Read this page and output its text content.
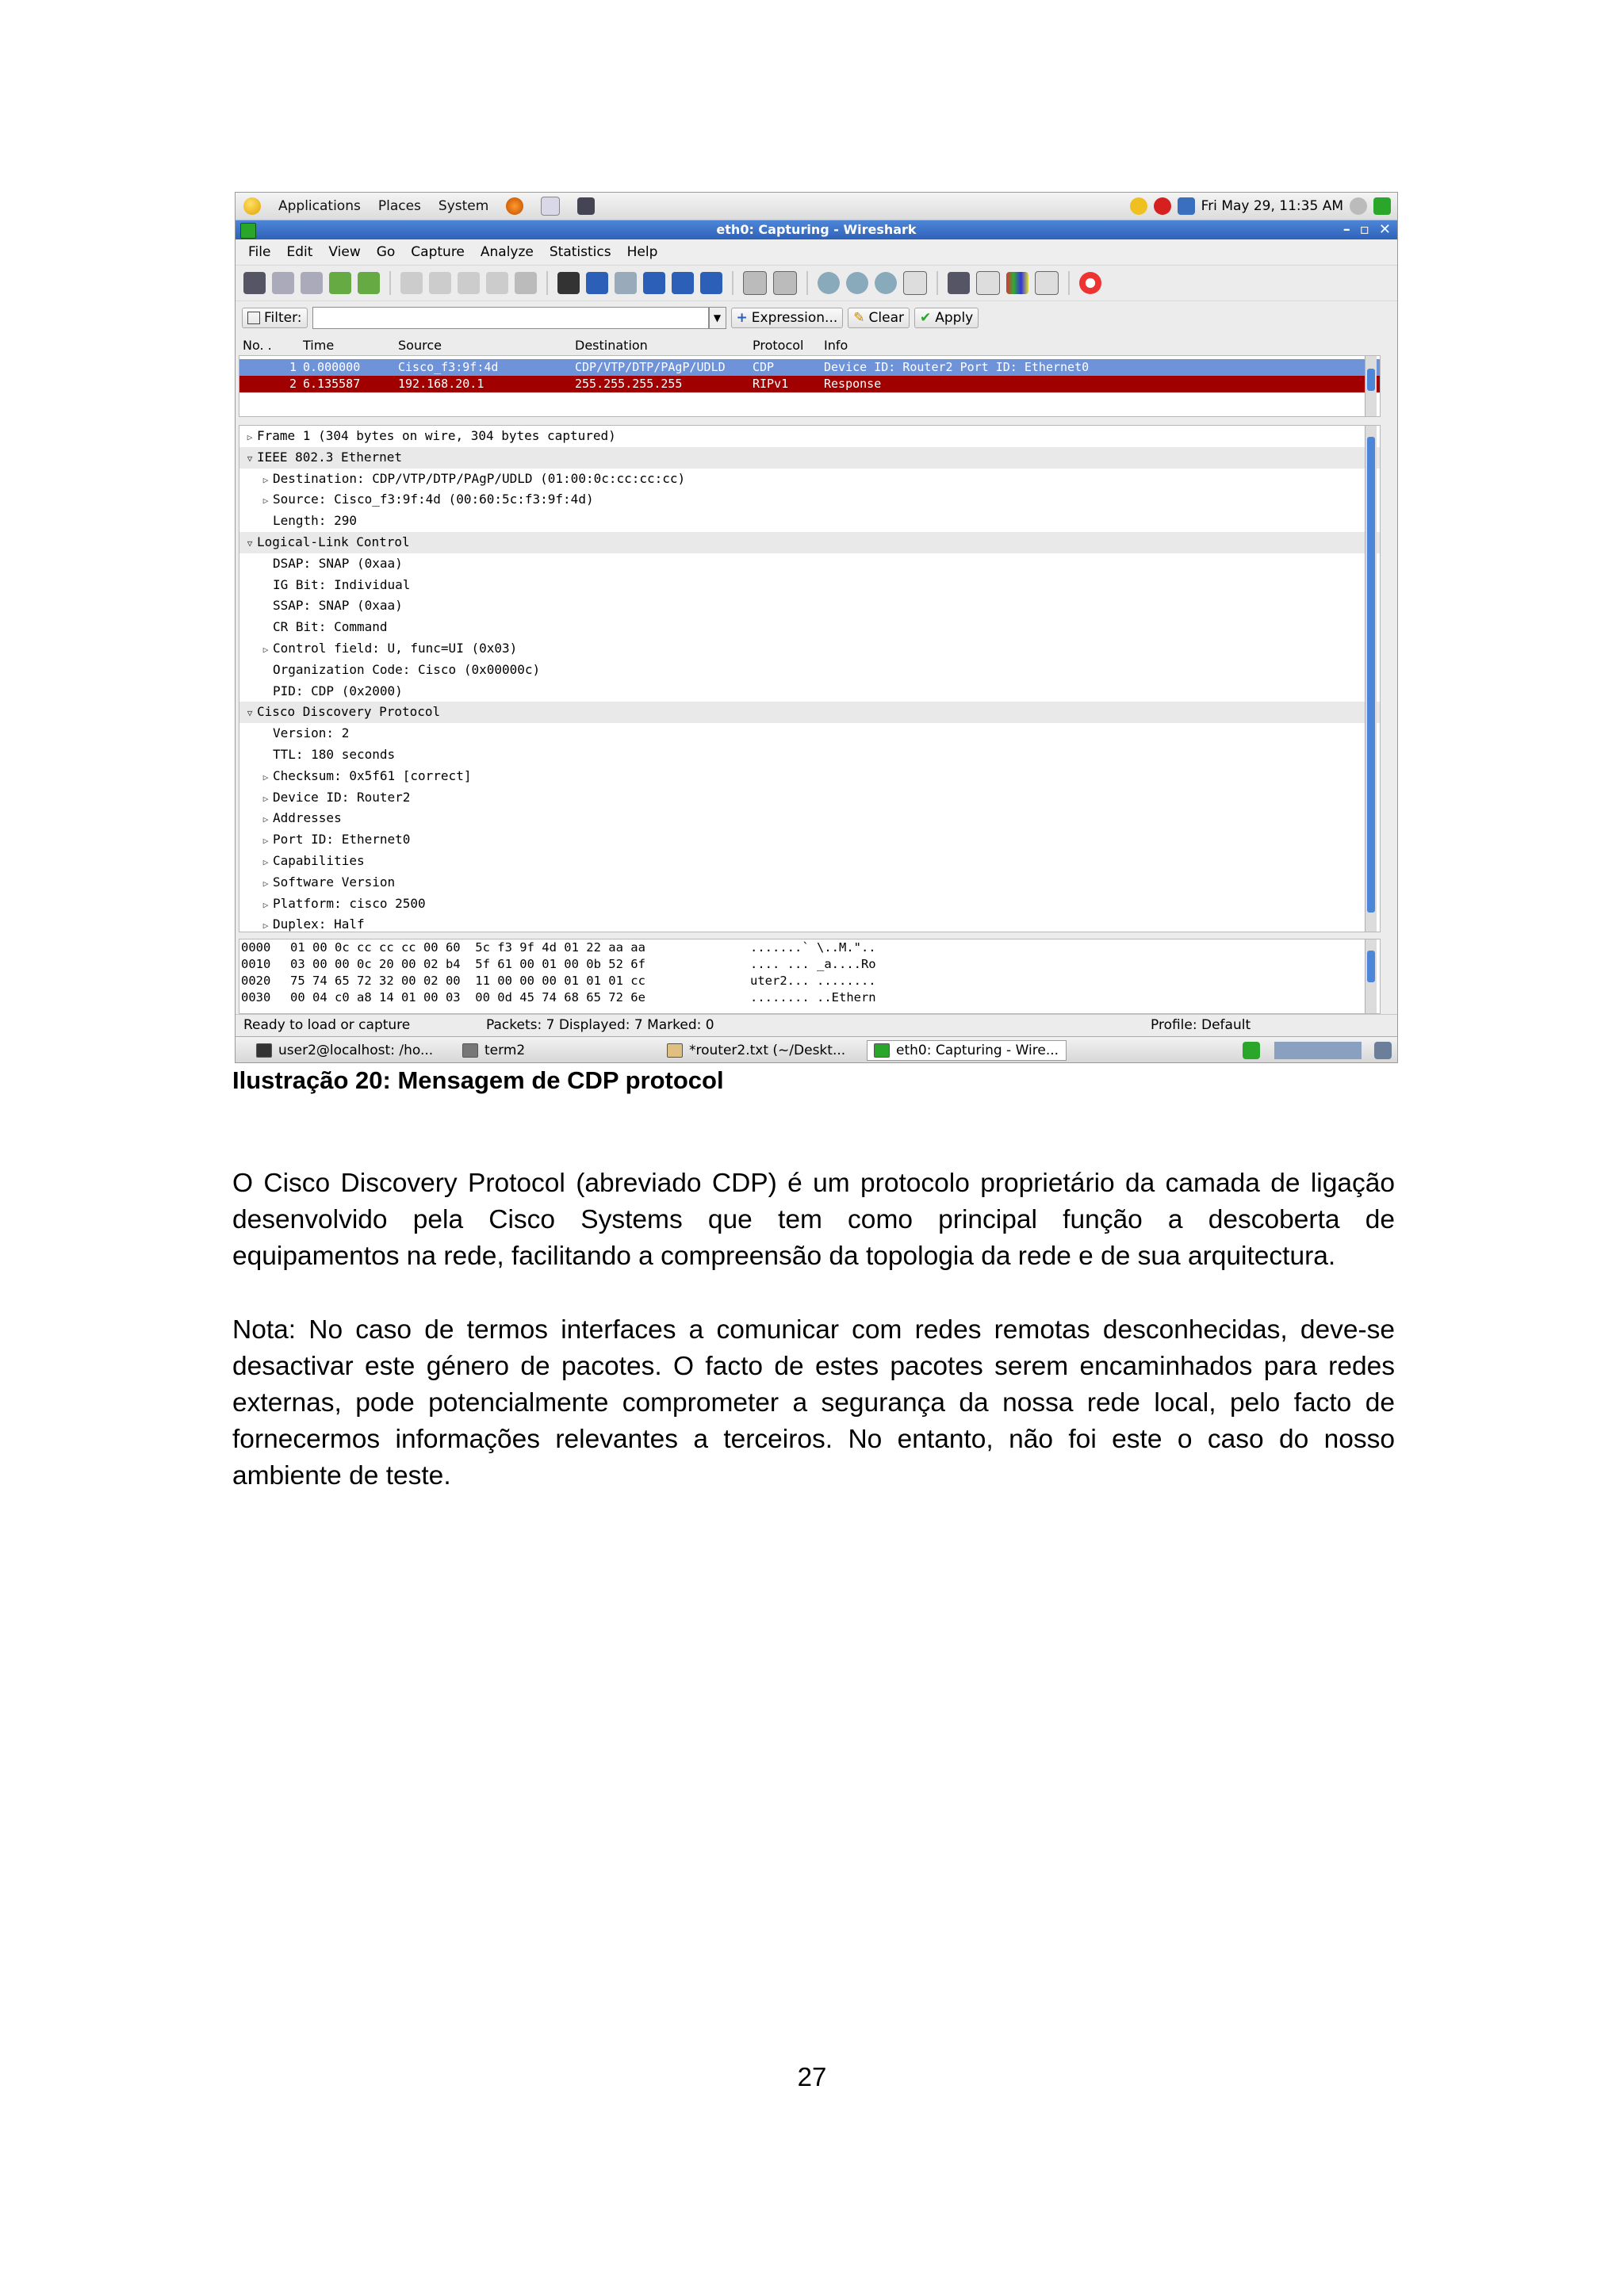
Applications Places System	Fri May 29, 11:35 AM
eth0: Capturing - Wireshark	– ▫ ✕
File Edit View Go Capture Analyze Statistics Help
Filter:	▼	+ Expression... ✎ Clear ✔ Apply
No. .	Time	Source	Destination	Protocol	Info
1 0.000000	Cisco_f3:9f:4d	CDP/VTP/DTP/PAgP/UDLD	CDP	Device ID: Router2 Port ID: Ethernet0
2 6.135587	192.168.20.1	255.255.255.255	RIPv1	Response
▷ Frame 1 (304 bytes on wire, 304 bytes captured)
▽ IEEE 802.3 Ethernet
▷ Destination: CDP/VTP/DTP/PAgP/UDLD (01:00:0c:cc:cc:cc)
▷ Source: Cisco_f3:9f:4d (00:60:5c:f3:9f:4d)
Length: 290
▽ Logical-Link Control
DSAP: SNAP (0xaa)
IG Bit: Individual
SSAP: SNAP (0xaa)
CR Bit: Command
▷ Control field: U, func=UI (0x03)
Organization Code: Cisco (0x00000c)
PID: CDP (0x2000)
▽ Cisco Discovery Protocol
Version: 2
TTL: 180 seconds
▷ Checksum: 0x5f61 [correct]
▷ Device ID: Router2
▷ Addresses
▷ Port ID: Ethernet0
▷ Capabilities
▷ Software Version
▷ Platform: cisco 2500
▷ Duplex: Half
0000	01 00 0c cc cc cc 00 60  5c f3 9f 4d 01 22 aa aa	.......` \..M."..
0010	03 00 00 0c 20 00 02 b4  5f 61 00 01 00 0b 52 6f	.... ... _a....Ro
0020	75 74 65 72 32 00 02 00  11 00 00 00 01 01 01 cc	uter2... ........
0030	00 04 c0 a8 14 01 00 03  00 0d 45 74 68 65 72 6e	........ ..Ethern
Ready to load or capture	Packets: 7 Displayed: 7 Marked: 0	Profile: Default
user2@localhost: /ho...	term2	*router2.txt (~/Deskt...	eth0: Capturing - Wire...
Ilustração 20: Mensagem de CDP protocol
O Cisco Discovery Protocol (abreviado CDP) é um protocolo proprietário da camada de ligação
desenvolvido pela Cisco Systems que tem como principal função a descoberta de
equipamentos na rede, facilitando a compreensão da topologia da rede e de sua arquitectura.
Nota: No caso de termos interfaces a comunicar com redes remotas desconhecidas, deve-se
desactivar este género de pacotes. O facto de estes pacotes serem encaminhados para redes
externas, pode potencialmente comprometer a segurança da nossa rede local, pelo facto de
fornecermos informações relevantes a terceiros. No entanto, não foi este o caso do nosso
ambiente de teste.
27
